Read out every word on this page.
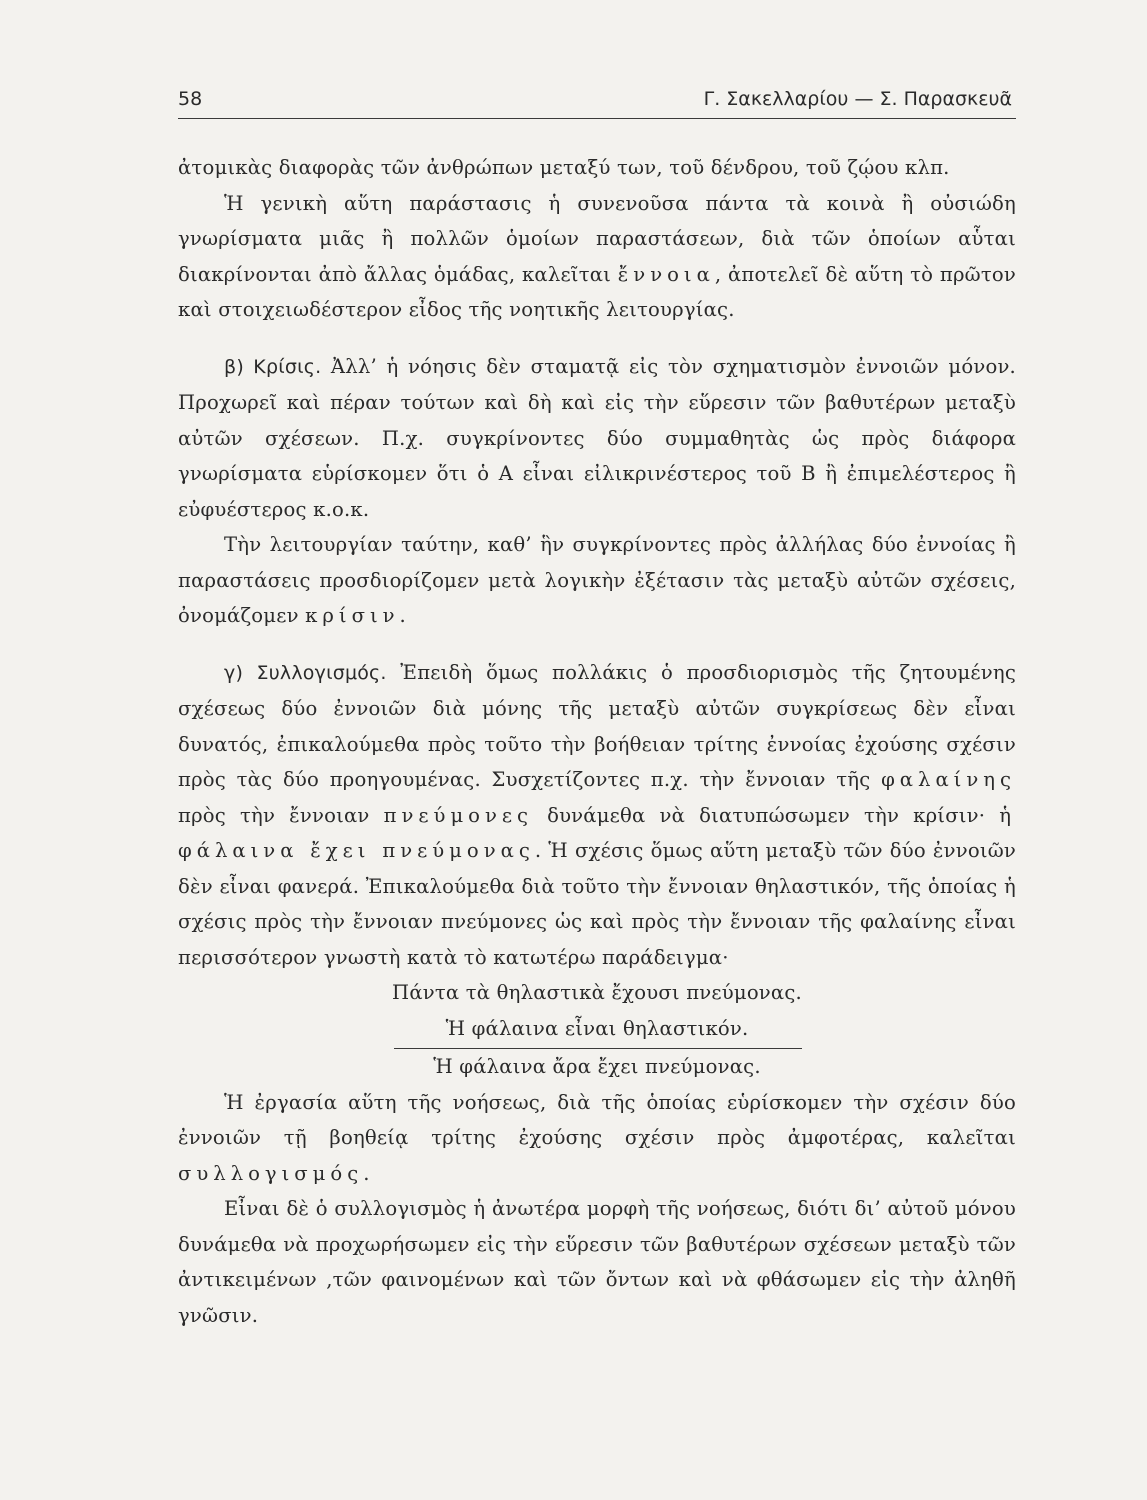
58	Γ. Σακελλαρίου — Σ. Παρασκευᾶ

ἀτομικὰς διαφορὰς τῶν ἀνθρώπων μεταξύ των, τοῦ δένδρου, τοῦ ζῴου κλπ.

Ἡ γενικὴ αὕτη παράστασις ἡ συνενοῦσα πάντα τὰ κοινὰ ἢ οὐσιώδη γνωρίσματα μιᾶς ἢ πολλῶν ὁμοίων παραστάσεων, διὰ τῶν ὁποίων αὗται διακρίνονται ἀπὸ ἄλλας ὁμάδας, καλεῖται ἔννοια, ἀποτελεῖ δὲ αὕτη τὸ πρῶτον καὶ στοιχειωδέστερον εἶδος τῆς νοητικῆς λειτουργίας.

β) Κρίσις. Ἀλλ’ ἡ νόησις δὲν σταματᾷ εἰς τὸν σχηματισμὸν ἐννοιῶν μόνον. Προχωρεῖ καὶ πέραν τούτων καὶ δὴ καὶ εἰς τὴν εὕρεσιν τῶν βαθυτέρων μεταξὺ αὐτῶν σχέσεων. Π.χ. συγκρίνοντες δύο συμμαθητὰς ὡς πρὸς διάφορα γνωρίσματα εὑρίσκομεν ὅτι ὁ Α εἶναι εἰλικρινέστερος τοῦ Β ἢ ἐπιμελέστερος ἢ εὐφυέστερος κ.ο.κ.

Τὴν λειτουργίαν ταύτην, καθ’ ἣν συγκρίνοντες πρὸς ἀλλήλας δύο ἐννοίας ἢ παραστάσεις προσδιορίζομεν μετὰ λογικὴν ἐξέτασιν τὰς μεταξὺ αὐτῶν σχέσεις, ὀνομάζομεν κρίσιν.

γ) Συλλογισμός. Ἐπειδὴ ὅμως πολλάκις ὁ προσδιορισμὸς τῆς ζητουμένης σχέσεως δύο ἐννοιῶν διὰ μόνης τῆς μεταξὺ αὐτῶν συγκρίσεως δὲν εἶναι δυνατός, ἐπικαλούμεθα πρὸς τοῦτο τὴν βοήθειαν τρίτης ἐννοίας ἐχούσης σχέσιν πρὸς τὰς δύο προηγουμένας. Συσχετίζοντες π.χ. τὴν ἔννοιαν τῆς φαλαίνης πρὸς τὴν ἔννοιαν πνεύμονες δυνάμεθα νὰ διατυπώσωμεν τὴν κρίσιν· ἡ φάλαινα ἔχει πνεύμονας. Ἡ σχέσις ὅμως αὕτη μεταξὺ τῶν δύο ἐννοιῶν δὲν εἶναι φανερά. Ἐπικαλούμεθα διὰ τοῦτο τὴν ἔννοιαν θηλαστικόν, τῆς ὁποίας ἡ σχέσις πρὸς τὴν ἔννοιαν πνεύμονες ὡς καὶ πρὸς τὴν ἔννοιαν τῆς φαλαίνης εἶναι περισσότερον γνωστὴ κατὰ τὸ κατωτέρω παράδειγμα·

Πάντα τὰ θηλαστικὰ ἔχουσι πνεύμονας.

Ἡ φάλαινα εἶναι θηλαστικόν.

Ἡ φάλαινα ἄρα ἔχει πνεύμονας.

Ἡ ἐργασία αὕτη τῆς νοήσεως, διὰ τῆς ὁποίας εὑρίσκομεν τὴν σχέσιν δύο ἐννοιῶν τῇ βοηθείᾳ τρίτης ἐχούσης σχέσιν πρὸς ἀμφοτέρας, καλεῖται συλλογισμός.

Εἶναι δὲ ὁ συλλογισμὸς ἡ ἀνωτέρα μορφὴ τῆς νοήσεως, διότι δι’ αὐτοῦ μόνου δυνάμεθα νὰ προχωρήσωμεν εἰς τὴν εὕρεσιν τῶν βαθυτέρων σχέσεων μεταξὺ τῶν ἀντικειμένων ,τῶν φαινομένων καὶ τῶν ὄντων καὶ νὰ φθάσωμεν εἰς τὴν ἀληθῆ γνῶσιν.
